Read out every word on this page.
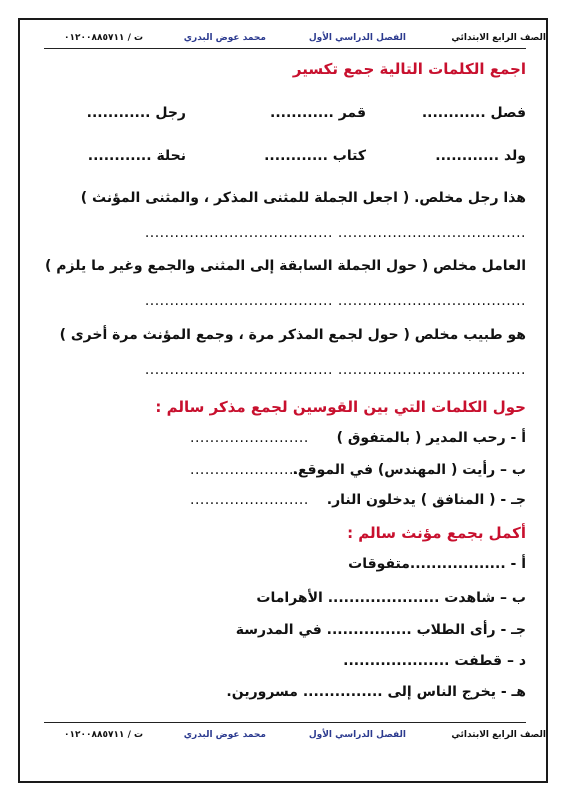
الصف الرابع الابتدائي
الفصل الدراسي الأول
محمد عوض البدري
ت / ٠١٢٠٠٨٨٥٧١١
اجمع الكلمات التالية جمع تكسير
فصل ............
قمر ............
رجل ............
ولد ............
كتاب ............
نحلة ............
هذا رجل مخلص. ( اجعل الجملة للمثنى المذكر ، والمثنى المؤنث )
...................................... ......................................
العامل مخلص ( حول الجملة السابقة إلى المثنى والجمع وغير ما يلزم )
...................................... ......................................
هو طبيب مخلص ( حول لجمع المذكر مرة ، وجمع المؤنث مرة أخرى )
...................................... ......................................
حول الكلمات التي بين القوسين لجمع مذكر سالم :
أ - رحب المدير ( بالمتفوق )
........................
ب – رأيت ( المهندس) في الموقع.
........................
جـ - ( المنافق ) يدخلون النار.
........................
أكمل بجمع مؤنث سالم :
أ - ..................متفوقات
ب – شاهدت ..................... الأهرامات
جـ - رأى الطلاب ................ في المدرسة
د – قطفت ....................
هـ - يخرج الناس إلى ............... مسرورين.
الصف الرابع الابتدائي
الفصل الدراسي الأول
محمد عوض البدري
ت / ٠١٢٠٠٨٨٥٧١١
